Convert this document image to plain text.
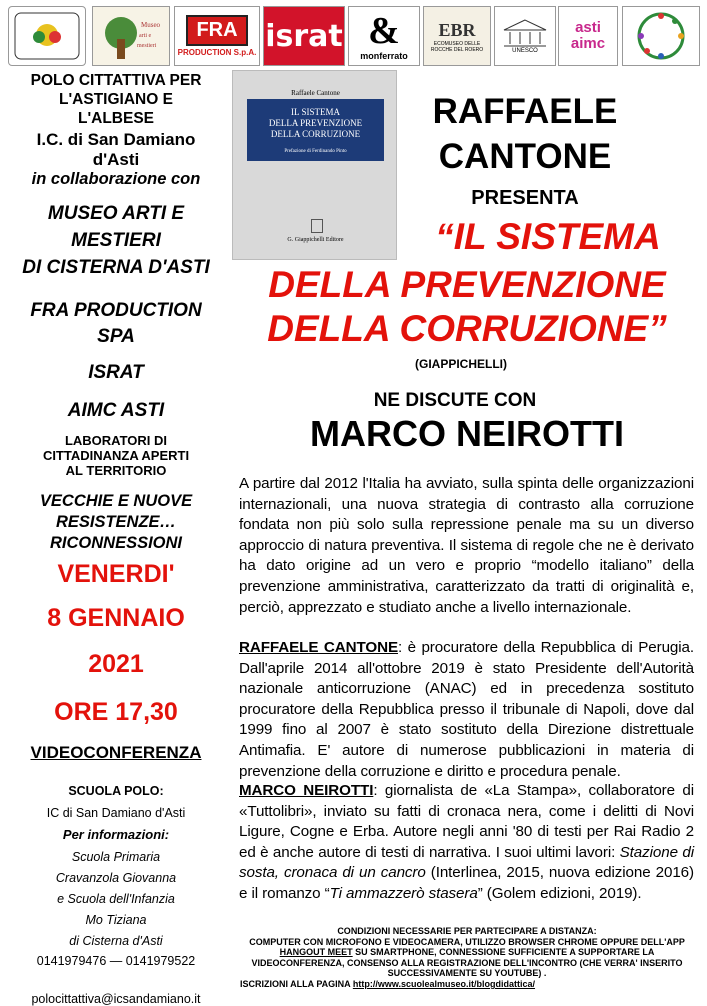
Museo
arti e
mestieri
FRA
PRODUCTION S.p.A. israt &
monferrato
EBR
ECOMUSEO DELLE ROCCHE DEL ROERO	UNESCO
asti aimc
POLO CITTATTIVA PER
L'ASTIGIANO E
L'ALBESE
I.C. di San Damiano
d'Asti
in collaborazione con
MUSEO ARTI E
MESTIERI
DI CISTERNA D'ASTI
FRA PRODUCTION
SPA
ISRAT
AIMC ASTI
LABORATORI DI
CITTADINANZA APERTI
AL TERRITORIO
VECCHIE E NUOVE
RESISTENZE…
RICONNESSIONI
VENERDI'
8 GENNAIO
2021
ORE 17,30
VIDEOCONFERENZA
SCUOLA POLO:
IC di San Damiano d'Asti
Per informazioni:
Scuola Primaria
Cravanzola Giovanna
e Scuola dell'Infanzia
Mo Tiziana
di Cisterna d'Asti
0141979476 — 0141979522
polocittattiva@icsandamiano.it
Raffaele Cantone
IL SISTEMA
DELLA PREVENZIONE
DELLA CORRUZIONE
Prefazione di Ferdinando Pinto
G. Giappichelli Editore
RAFFAELE
CANTONE
PRESENTA
“IL SISTEMA
DELLA PREVENZIONE
DELLA CORRUZIONE”
(GIAPPICHELLI)
NE DISCUTE CON
MARCO NEIROTTI

A partire dal 2012 l'Italia ha avviato, sulla spinta delle organizzazioni internazionali, una nuova strategia di contrasto alla corruzione fondata non più solo sulla repressione penale ma su un diverso approccio di natura preventiva. Il sistema di regole che ne è derivato ha dato origine ad un vero e proprio “modello italiano” della prevenzione amministrativa, caratterizzato da tratti di originalità e, perciò, apprezzato e studiato anche a livello internazionale.

RAFFAELE CANTONE: è procuratore della Repubblica di Perugia. Dall'aprile 2014 all'ottobre 2019 è stato Presidente dell'Autorità nazionale anticorruzione (ANAC) ed in precedenza sostituto procuratore della Repubblica presso il tribunale di Napoli, dove dal 1999 fino al 2007 è stato sostituto della Direzione distrettuale Antimafia. E' autore di numerose pubblicazioni in materia di prevenzione della corruzione e diritto e procedura penale.

MARCO NEIROTTI: giornalista de «La Stampa», collaboratore di «Tuttolibri», inviato su fatti di cronaca nera, come i delitti di Novi Ligure, Cogne e Erba. Autore negli anni '80 di testi per Rai Radio 2 ed è anche autore di testi di narrativa. I suoi ultimi lavori: Stazione di sosta, cronaca di un cancro (Interlinea, 2015, nuova edizione 2016) e il romanzo “Ti ammazzerò stasera” (Golem edizioni, 2019).

CONDIZIONI NECESSARIE PER PARTECIPARE A DISTANZA:
COMPUTER CON MICROFONO E VIDEOCAMERA, UTILIZZO BROWSER CHROME OPPURE DELL'APP HANGOUT MEET SU SMARTPHONE, CONNESSIONE SUFFICIENTE A SUPPORTARE LA VIDEOCONFERENZA, CONSENSO ALLA REGISTRAZIONE DELL'INCONTRO (CHE VERRA' INSERITO SUCCESSIVAMENTE SU YOUTUBE) .
ISCRIZIONI ALLA PAGINA http://www.scuolealmuseo.it/blogdidattica/
